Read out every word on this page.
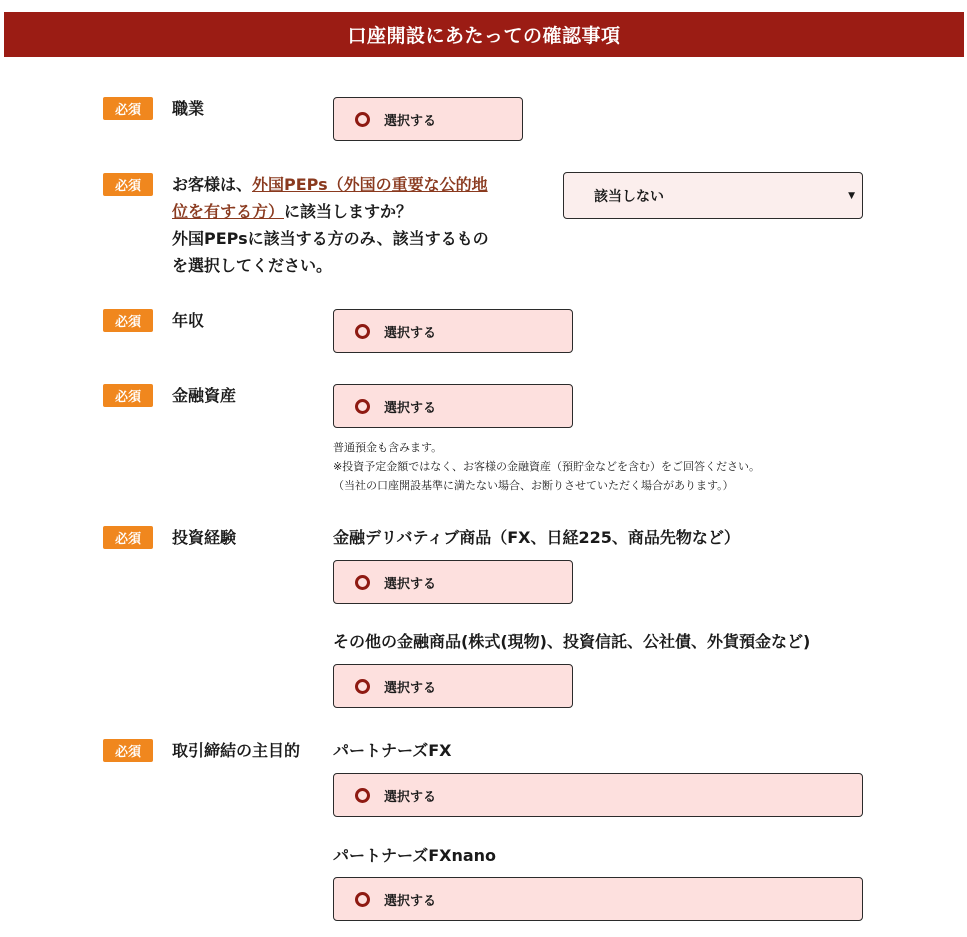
口座開設にあたっての確認事項
必須	職業
選択する
必須	お客様は、外国PEPs（外国の重要な公的地
位を有する方）に該当しますか？
外国PEPsに該当する方のみ、該当するもの
を選択してください。
該当しない	▼
必須	年収
選択する
必須	金融資産
選択する
普通預金も含みます。
※投資予定金額ではなく、お客様の金融資産（預貯金などを含む）をご回答ください。
（当社の口座開設基準に満たない場合、お断りさせていただく場合があります。）
必須	投資経験	金融デリバティブ商品（FX、日経225、商品先物など）
選択する
その他の金融商品(株式(現物)、投資信託、公社債、外貨預金など)
選択する
必須	取引締結の主目的 パートナーズFX
選択する
パートナーズFXnano
選択する
